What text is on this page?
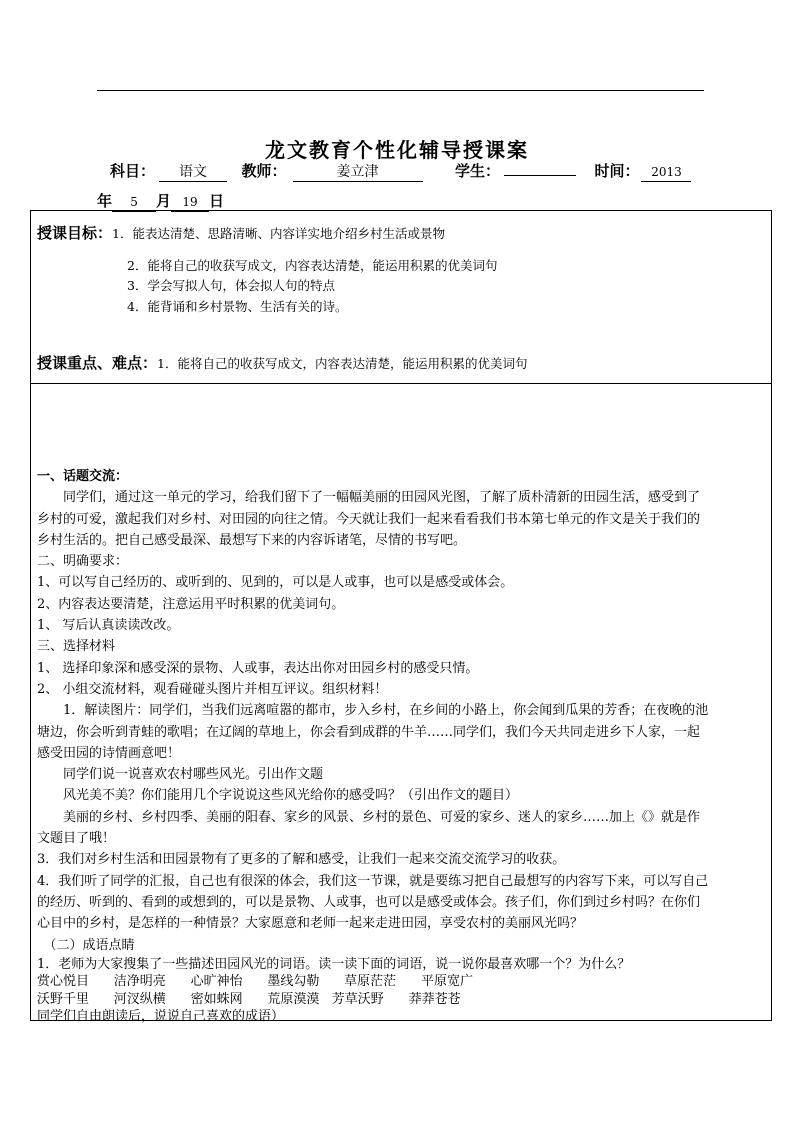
龙文教育个性化辅导授课案
科目： 语文 教师：	姜立津	学生：	时间： 2013
年 5 月 19 日
授课目标：1．能表达清楚、思路清晰、内容详实地介绍乡村生活或景物
2．能将自己的收获写成文，内容表达清楚，能运用积累的优美词句
3．学会写拟人句，体会拟人句的特点
4．能背诵和乡村景物、生活有关的诗。
授课重点、难点：1．能将自己的收获写成文，内容表达清楚，能运用积累的优美词句

一、话题交流：

同学们，通过这一单元的学习，给我们留下了一幅幅美丽的田园风光图，了解了质朴清新的田园生活，感受到了

乡村的可爱，激起我们对乡村、对田园的向往之情。今天就让我们一起来看看我们书本第七单元的作文是关于我们的

乡村生活的。把自己感受最深、最想写下来的内容诉诸笔，尽情的书写吧。

二、明确要求：

1、可以写自己经历的、或听到的、见到的，可以是人或事，也可以是感受或体会。

2、内容表达要清楚，注意运用平时积累的优美词句。

1、 写后认真读读改改。

三、选择材料

1、 选择印象深和感受深的景物、人或事，表达出你对田园乡村的感受只情。

2、 小组交流材料，观看碰碰头图片并相互评议。组织材料！

1．解读图片：同学们，当我们远离喧嚣的都市，步入乡村，在乡间的小路上，你会闻到瓜果的芳香；在夜晚的池

塘边，你会听到青蛙的歌唱；在辽阔的草地上，你会看到成群的牛羊……同学们，我们今天共同走进乡下人家，一起

感受田园的诗情画意吧！

同学们说一说喜欢农村哪些风光。引出作文题

风光美不美？你们能用几个字说说这些风光给你的感受吗？（引出作文的题目）

美丽的乡村、乡村四季、美丽的阳春、家乡的风景、乡村的景色、可爱的家乡、迷人的家乡……加上《》就是作

文题目了哦！

3．我们对乡村生活和田园景物有了更多的了解和感受，让我们一起来交流交流学习的收获。

4．我们听了同学的汇报，自己也有很深的体会，我们这一节课，就是要练习把自己最想写的内容写下来，可以写自己

的经历、听到的、看到的或想到的，可以是景物、人或事，也可以是感受或体会。孩子们，你们到过乡村吗？在你们

心目中的乡村，是怎样的一种情景？大家愿意和老师一起来走进田园，享受农村的美丽风光吗？

（二）成语点睛

1．老师为大家搜集了一些描述田园风光的词语。读一读下面的词语，说一说你最喜欢哪一个？为什么？

赏心悦目      洁净明亮      心旷神怡      墨线勾勒      草原茫茫      平原宽广

沃野千里      河汊纵横      密如蛛网      荒原漠漠   芳草沃野      莽莽苍苍

同学们自由朗读后，说说自己喜欢的成语）
